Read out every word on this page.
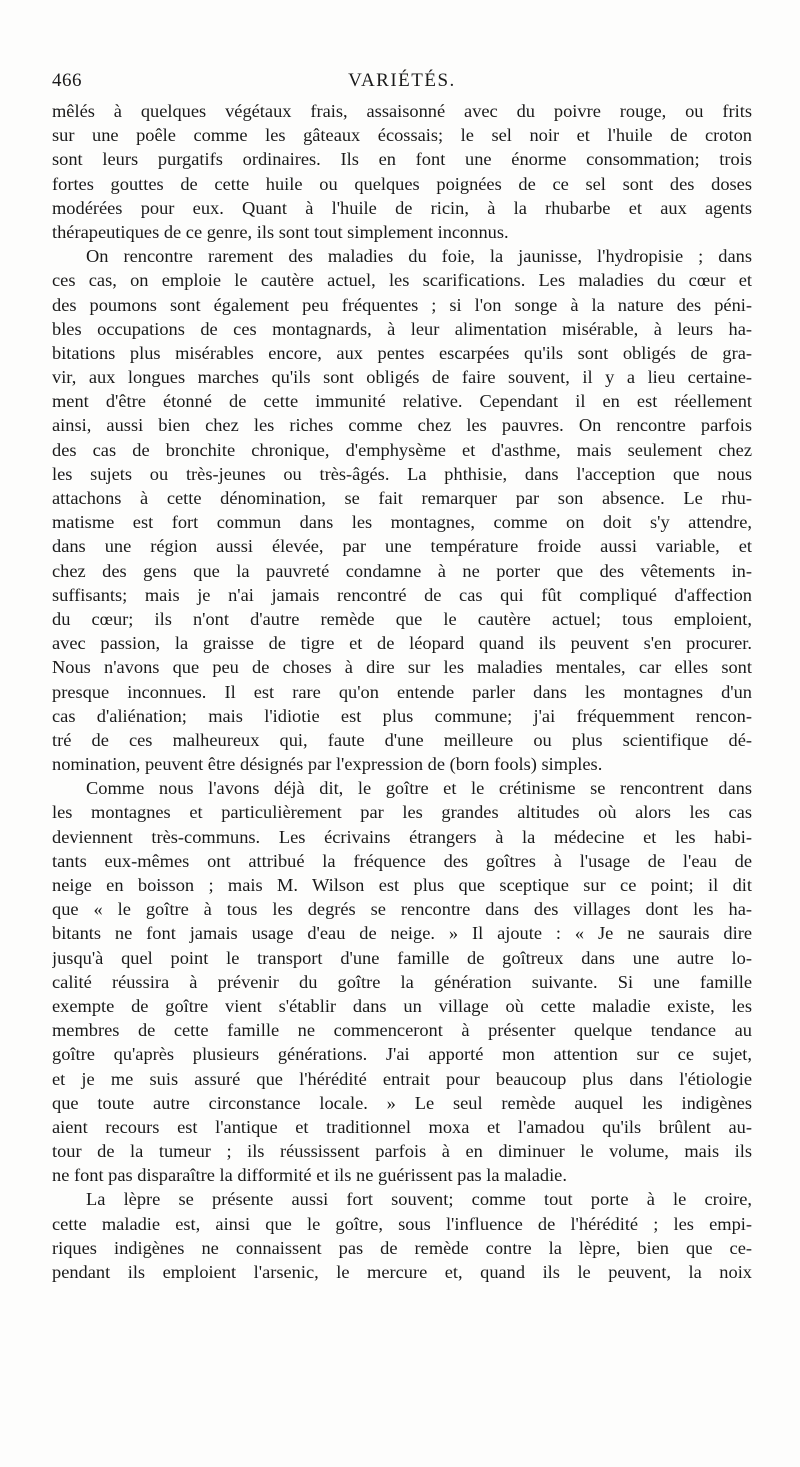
466	VARIÉTÉS.
mêlés à quelques végétaux frais, assaisonné avec du poivre rouge, ou frits
sur une poêle comme les gâteaux écossais; le sel noir et l'huile de croton
sont leurs purgatifs ordinaires. Ils en font une énorme consommation; trois
fortes gouttes de cette huile ou quelques poignées de ce sel sont des doses
modérées pour eux. Quant à l'huile de ricin, à la rhubarbe et aux agents
thérapeutiques de ce genre, ils sont tout simplement inconnus.
On rencontre rarement des maladies du foie, la jaunisse, l'hydropisie ; dans
ces cas, on emploie le cautère actuel, les scarifications. Les maladies du cœur et
des poumons sont également peu fréquentes ; si l'on songe à la nature des péni-
bles occupations de ces montagnards, à leur alimentation misérable, à leurs ha-
bitations plus misérables encore, aux pentes escarpées qu'ils sont obligés de gra-
vir, aux longues marches qu'ils sont obligés de faire souvent, il y a lieu certaine-
ment d'être étonné de cette immunité relative. Cependant il en est réellement
ainsi, aussi bien chez les riches comme chez les pauvres. On rencontre parfois
des cas de bronchite chronique, d'emphysème et d'asthme, mais seulement chez
les sujets ou très-jeunes ou très-âgés. La phthisie, dans l'acception que nous
attachons à cette dénomination, se fait remarquer par son absence. Le rhu-
matisme est fort commun dans les montagnes, comme on doit s'y attendre,
dans une région aussi élevée, par une température froide aussi variable, et
chez des gens que la pauvreté condamne à ne porter que des vêtements in-
suffisants; mais je n'ai jamais rencontré de cas qui fût compliqué d'affection
du cœur; ils n'ont d'autre remède que le cautère actuel; tous emploient,
avec passion, la graisse de tigre et de léopard quand ils peuvent s'en procurer.
Nous n'avons que peu de choses à dire sur les maladies mentales, car elles sont
presque inconnues. Il est rare qu'on entende parler dans les montagnes d'un
cas d'aliénation; mais l'idiotie est plus commune; j'ai fréquemment rencon-
tré de ces malheureux qui, faute d'une meilleure ou plus scientifique dé-
nomination, peuvent être désignés par l'expression de (born fools) simples.
Comme nous l'avons déjà dit, le goître et le crétinisme se rencontrent dans
les montagnes et particulièrement par les grandes altitudes où alors les cas
deviennent très-communs. Les écrivains étrangers à la médecine et les habi-
tants eux-mêmes ont attribué la fréquence des goîtres à l'usage de l'eau de
neige en boisson ; mais M. Wilson est plus que sceptique sur ce point; il dit
que « le goître à tous les degrés se rencontre dans des villages dont les ha-
bitants ne font jamais usage d'eau de neige. » Il ajoute : « Je ne saurais dire
jusqu'à quel point le transport d'une famille de goîtreux dans une autre lo-
calité réussira à prévenir du goître la génération suivante. Si une famille
exempte de goître vient s'établir dans un village où cette maladie existe, les
membres de cette famille ne commenceront à présenter quelque tendance au
goître qu'après plusieurs générations. J'ai apporté mon attention sur ce sujet,
et je me suis assuré que l'hérédité entrait pour beaucoup plus dans l'étiologie
que toute autre circonstance locale. » Le seul remède auquel les indigènes
aient recours est l'antique et traditionnel moxa et l'amadou qu'ils brûlent au-
tour de la tumeur ; ils réussissent parfois à en diminuer le volume, mais ils
ne font pas disparaître la difformité et ils ne guérissent pas la maladie.
La lèpre se présente aussi fort souvent; comme tout porte à le croire,
cette maladie est, ainsi que le goître, sous l'influence de l'hérédité ; les empi-
riques indigènes ne connaissent pas de remède contre la lèpre, bien que ce-
pendant ils emploient l'arsenic, le mercure et, quand ils le peuvent, la noix
